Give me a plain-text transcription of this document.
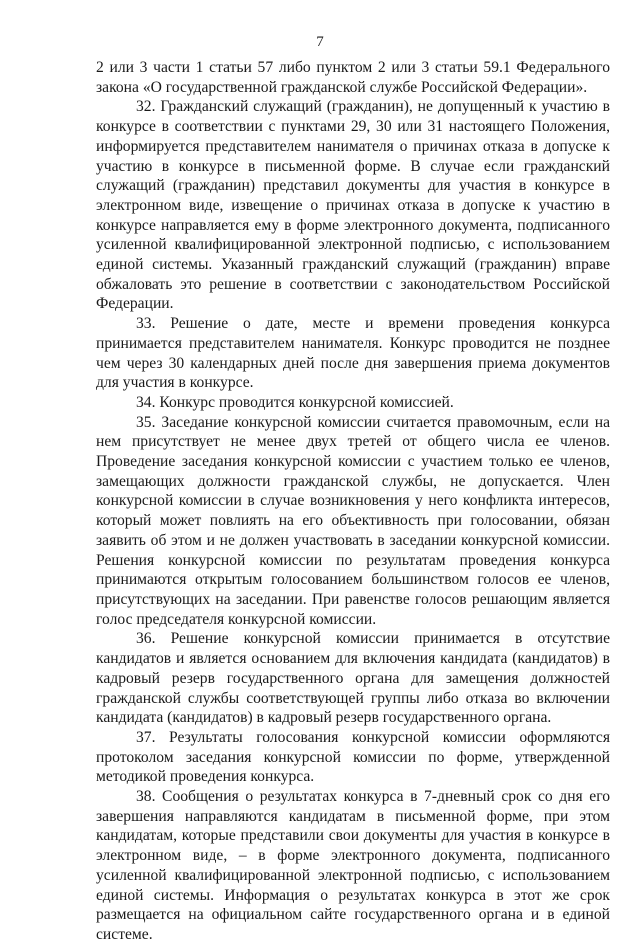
7

2 или 3 части 1 статьи 57 либо пунктом 2 или 3 статьи 59.1 Федерального закона «О государственной гражданской службе Российской Федерации».

32. Гражданский служащий (гражданин), не допущенный к участию в конкурсе в соответствии с пунктами 29, 30 или 31 настоящего Положения, информируется представителем нанимателя о причинах отказа в допуске к участию в конкурсе в письменной форме. В случае если гражданский служащий (гражданин) представил документы для участия в конкурсе в электронном виде, извещение о причинах отказа в допуске к участию в конкурсе направляется ему в форме электронного документа, подписанного усиленной квалифицированной электронной подписью, с использованием единой системы. Указанный гражданский служащий (гражданин) вправе обжаловать это решение в соответствии с законодательством Российской Федерации.

33. Решение о дате, месте и времени проведения конкурса принимается представителем нанимателя. Конкурс проводится не позднее чем через 30 календарных дней после дня завершения приема документов для участия в конкурсе.

34. Конкурс проводится конкурсной комиссией.

35. Заседание конкурсной комиссии считается правомочным, если на нем присутствует не менее двух третей от общего числа ее членов. Проведение заседания конкурсной комиссии с участием только ее членов, замещающих должности гражданской службы, не допускается. Член конкурсной комиссии в случае возникновения у него конфликта интересов, который может повлиять на его объективность при голосовании, обязан заявить об этом и не должен участвовать в заседании конкурсной комиссии. Решения конкурсной комиссии по результатам проведения конкурса принимаются открытым голосованием большинством голосов ее членов, присутствующих на заседании. При равенстве голосов решающим является голос председателя конкурсной комиссии.

36. Решение конкурсной комиссии принимается в отсутствие кандидатов и является основанием для включения кандидата (кандидатов) в кадровый резерв государственного органа для замещения должностей гражданской службы соответствующей группы либо отказа во включении кандидата (кандидатов) в кадровый резерв государственного органа.

37. Результаты голосования конкурсной комиссии оформляются протоколом заседания конкурсной комиссии по форме, утвержденной методикой проведения конкурса.

38. Сообщения о результатах конкурса в 7-дневный срок со дня его завершения направляются кандидатам в письменной форме, при этом кандидатам, которые представили свои документы для участия в конкурсе в электронном виде, – в форме электронного документа, подписанного усиленной квалифицированной электронной подписью, с использованием единой системы. Информация о результатах конкурса в этот же срок размещается на официальном сайте государственного органа и в единой системе.
